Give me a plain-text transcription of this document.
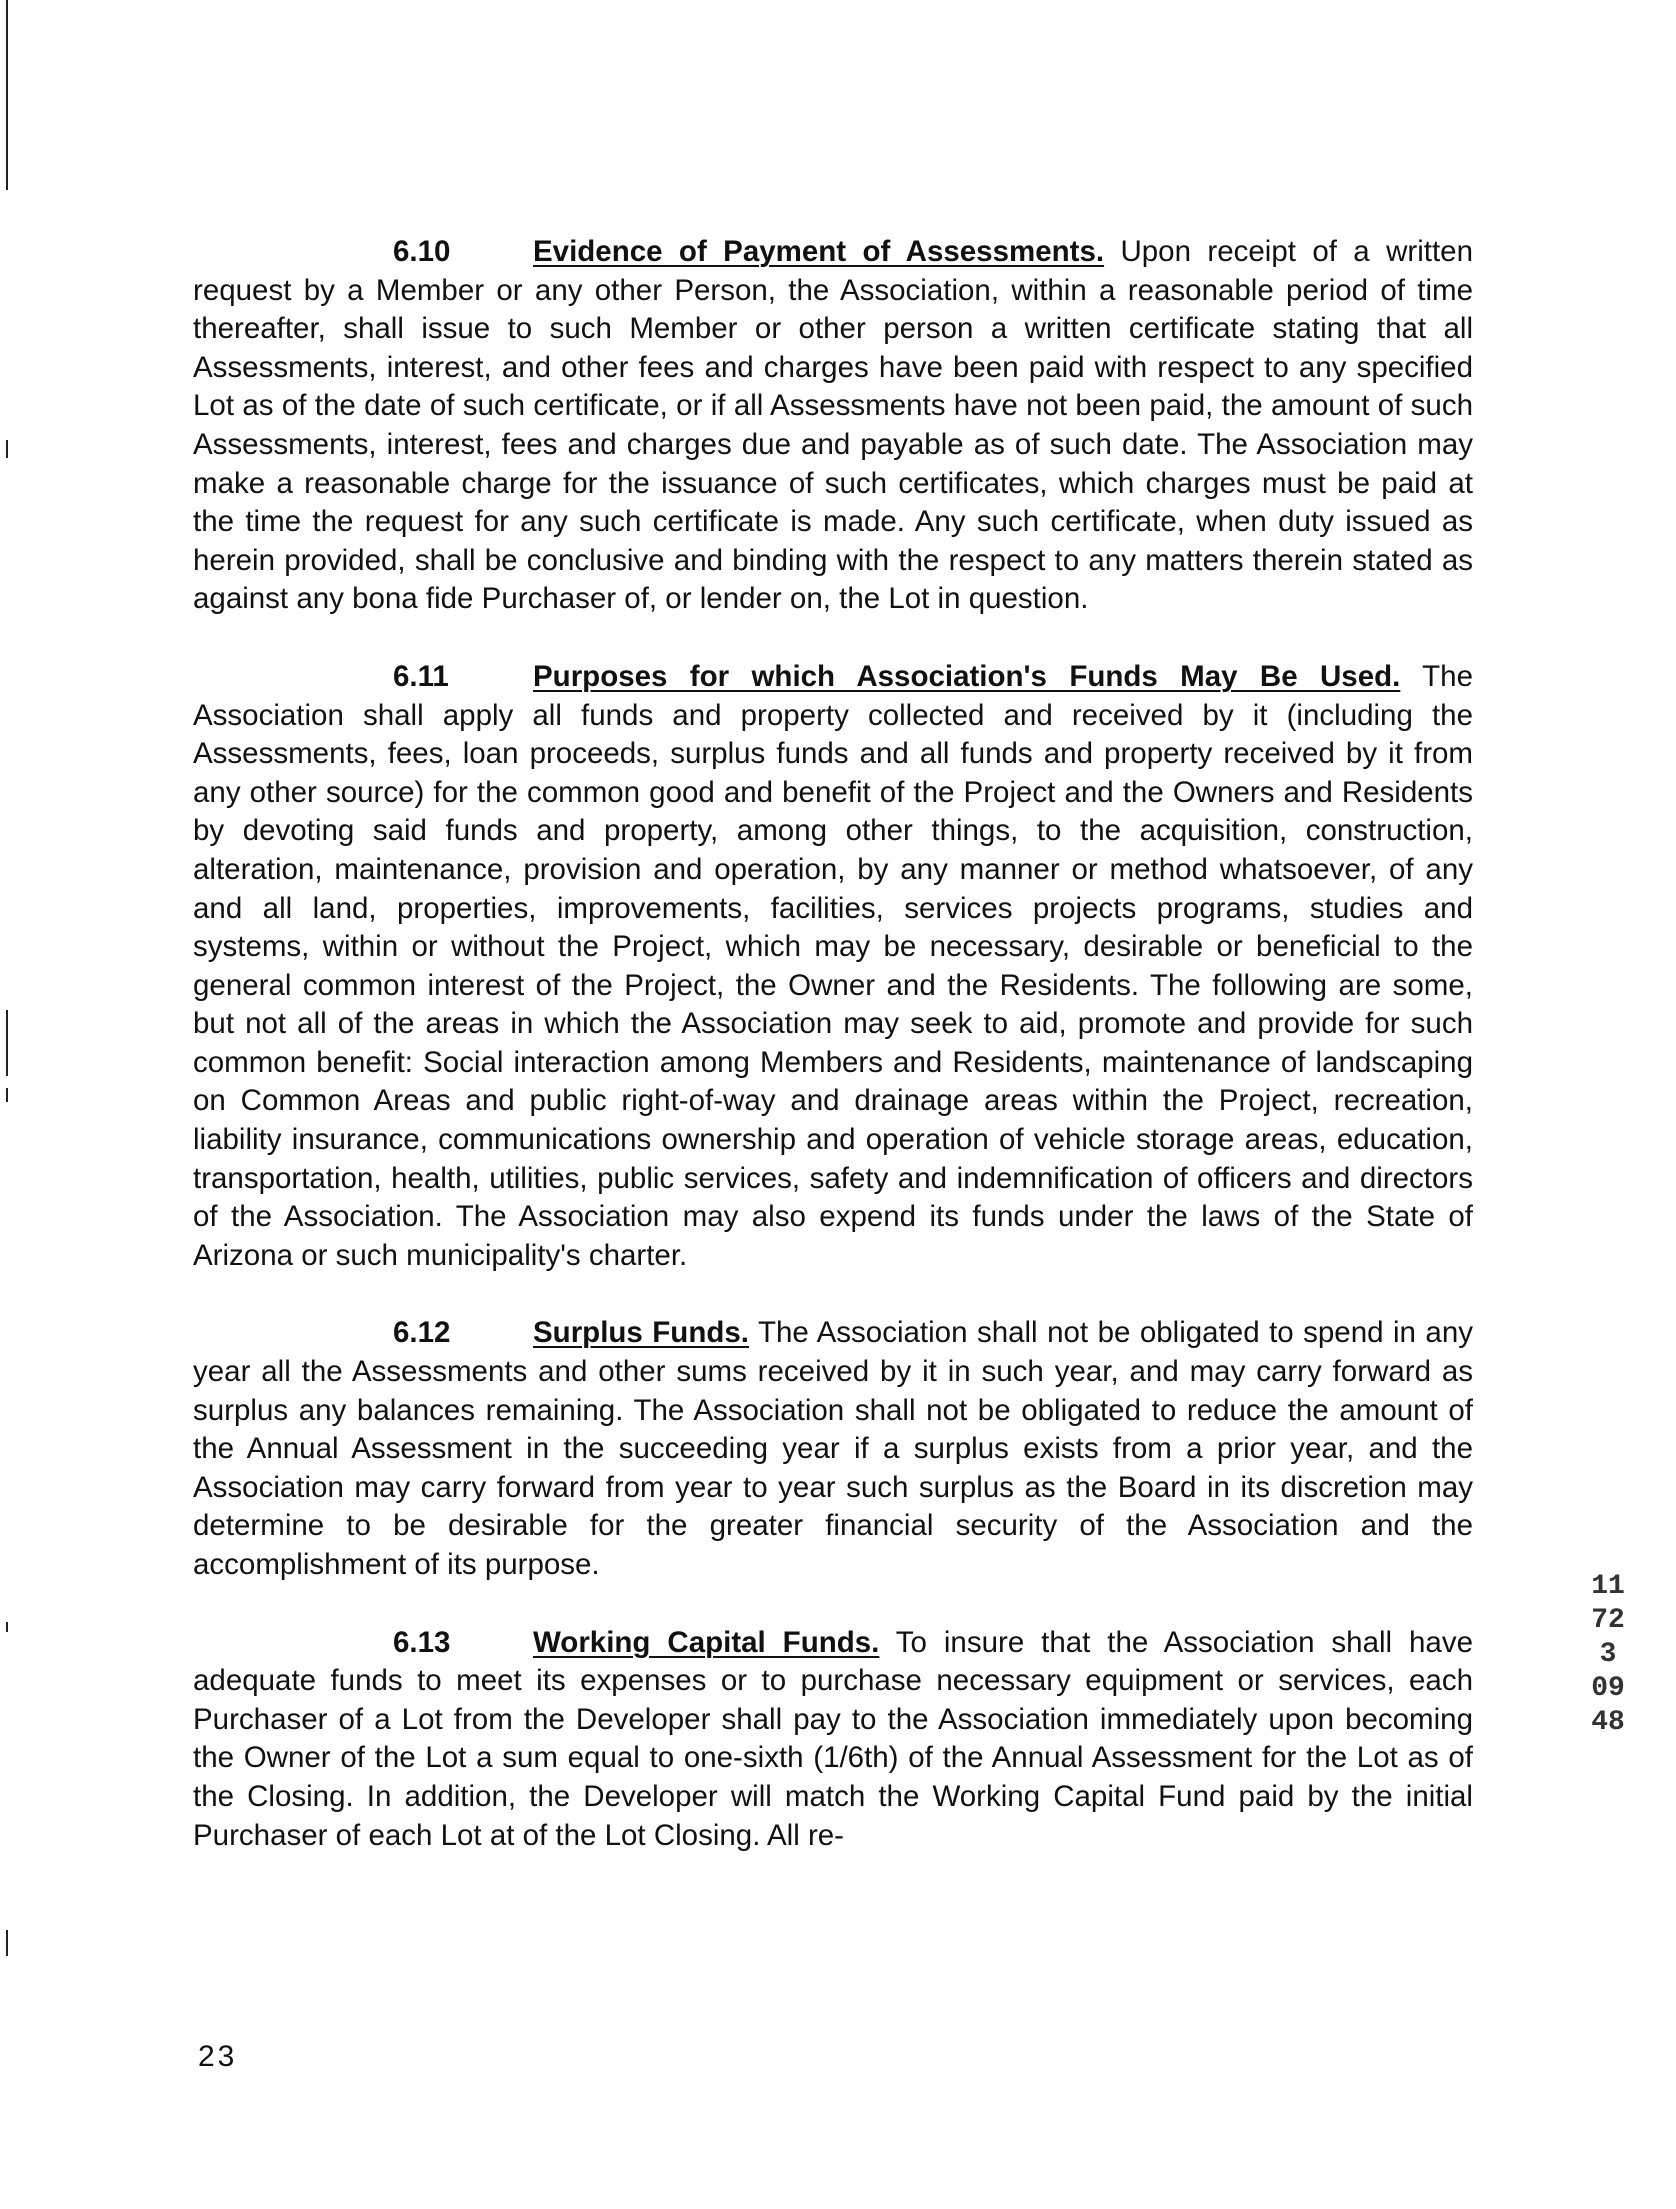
6.10	Evidence of Payment of Assessments. Upon receipt of a written request by a Member or any other Person, the Association, within a reasonable period of time thereafter, shall issue to such Member or other person a written certificate stating that all Assessments, interest, and other fees and charges have been paid with respect to any specified Lot as of the date of such certificate, or if all Assessments have not been paid, the amount of such Assessments, interest, fees and charges due and payable as of such date. The Association may make a reasonable charge for the issuance of such certificates, which charges must be paid at the time the request for any such certificate is made. Any such certificate, when duty issued as herein provided, shall be conclusive and binding with the respect to any matters therein stated as against any bona fide Purchaser of, or lender on, the Lot in question.

6.11	Purposes for which Association's Funds May Be Used. The Association shall apply all funds and property collected and received by it (including the Assessments, fees, loan proceeds, surplus funds and all funds and property received by it from any other source) for the common good and benefit of the Project and the Owners and Residents by devoting said funds and property, among other things, to the acquisition, construction, alteration, maintenance, provision and operation, by any manner or method whatsoever, of any and all land, properties, improvements, facilities, services projects programs, studies and systems, within or without the Project, which may be necessary, desirable or beneficial to the general common interest of the Project, the Owner and the Residents. The following are some, but not all of the areas in which the Association may seek to aid, promote and provide for such common benefit: Social interaction among Members and Residents, maintenance of landscaping on Common Areas and public right-of-way and drainage areas within the Project, recreation, liability insurance, communications ownership and operation of vehicle storage areas, education, transportation, health, utilities, public services, safety and indemnification of officers and directors of the Association. The Association may also expend its funds under the laws of the State of Arizona or such municipality's charter.

6.12	Surplus Funds. The Association shall not be obligated to spend in any year all the Assessments and other sums received by it in such year, and may carry forward as surplus any balances remaining. The Association shall not be obligated to reduce the amount of the Annual Assessment in the succeeding year if a surplus exists from a prior year, and the Association may carry forward from year to year such surplus as the Board in its discretion may determine to be desirable for the greater financial security of the Association and the accomplishment of its purpose.

6.13	Working Capital Funds. To insure that the Association shall have adequate funds to meet its expenses or to purchase necessary equipment or services, each Purchaser of a Lot from the Developer shall pay to the Association immediately upon becoming the Owner of the Lot a sum equal to one-sixth (1/6th) of the Annual Assessment for the Lot as of the Closing. In addition, the Developer will match the Working Capital Fund paid by the initial Purchaser of each Lot at of the Lot Closing. All re-

23
11723 0948
